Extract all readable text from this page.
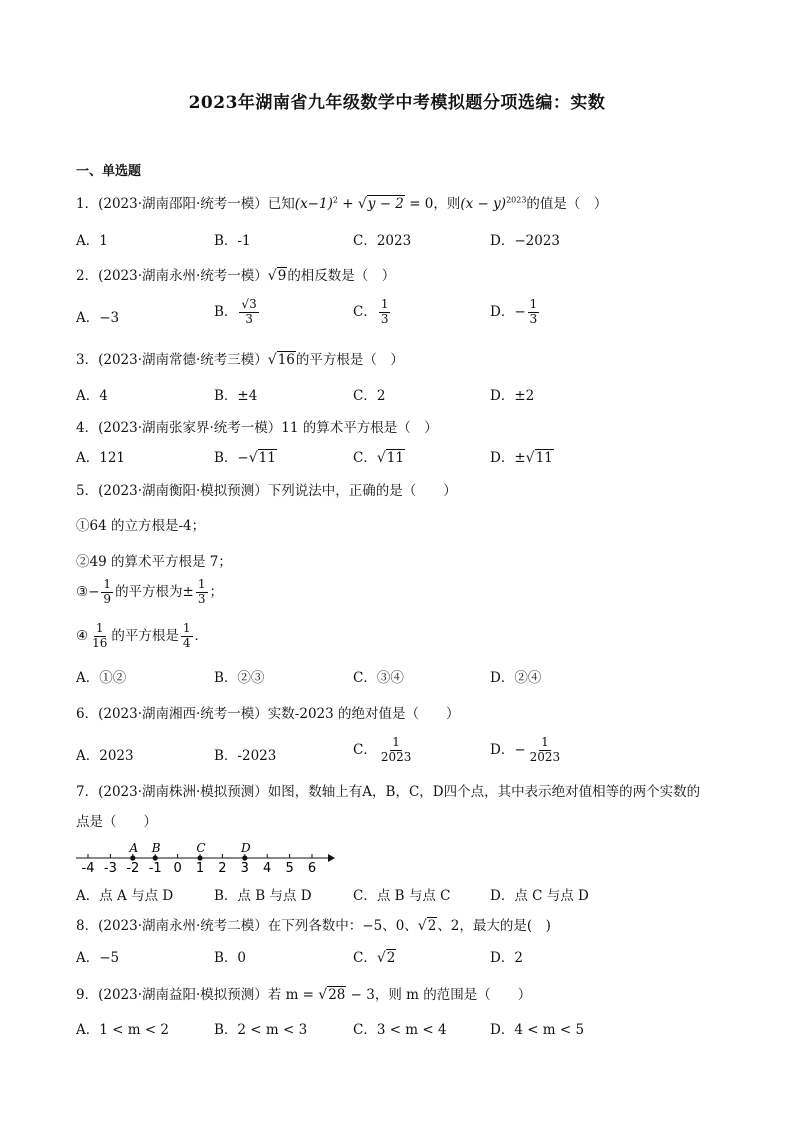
2023年湖南省九年级数学中考模拟题分项选编：实数
一、单选题
1．(2023·湖南邵阳·统考一模）已知$(x-1)^2 + √y - 2 = 0$，则$(x - y)^{2023}$的值是（　）
A．1	B．-1	C．2023	D．−2023
2．(2023·湖南永州·统考一模）√9的相反数是（　）
A．−3	B． $\frac{√3}{3}$	C． $\frac{1}{3}$	D．− $\frac{1}{3}$
3．(2023·湖南常德·统考三模）√16的平方根是（　）
A．4	B．±4	C．2	D．±2
4．(2023·湖南张家界·统考一模）11 的算术平方根是（　）
A．121	B．−√11	C．√11	D．±√11
5．(2023·湖南衡阳·模拟预测）下列说法中，正确的是（　　）
①64 的立方根是-4；
②49 的算术平方根是 7；
③− $\frac{1}{9}$ 的平方根为± $\frac{1}{3}$ ；
④ $\frac{1}{16}$ 的平方根是 $\frac{1}{4}$ ．
A．①②	B．②③	C．③④	D．②④
6．(2023·湖南湘西·统考一模）实数-2023 的绝对值是（　　）
A．2023	B．-2023	C． $\frac{1}{2023}$	D．− $\frac{1}{2023}$
7．(2023·湖南株洲·模拟预测）如图，数轴上有A，B，C，D四个点，其中表示绝对值相等的两个实数的
点是（　　）
-4 -3 -2 -1 0 1 2 3 4 5 6
A B	C	D
A．点 A 与点 D	B．点 B 与点 D	C．点 B 与点 C	D．点 C 与点 D
8．(2023·湖南永州·统考二模）在下列各数中：−5、0、√2、2，最大的是(　)
A．−5	B．0	C．√2	D．2
9．(2023·湖南益阳·模拟预测）若 m = √28 − 3，则 m 的范围是（　　）
A．1 < m < 2	B．2 < m < 3	C．3 < m < 4	D．4 < m < 5
